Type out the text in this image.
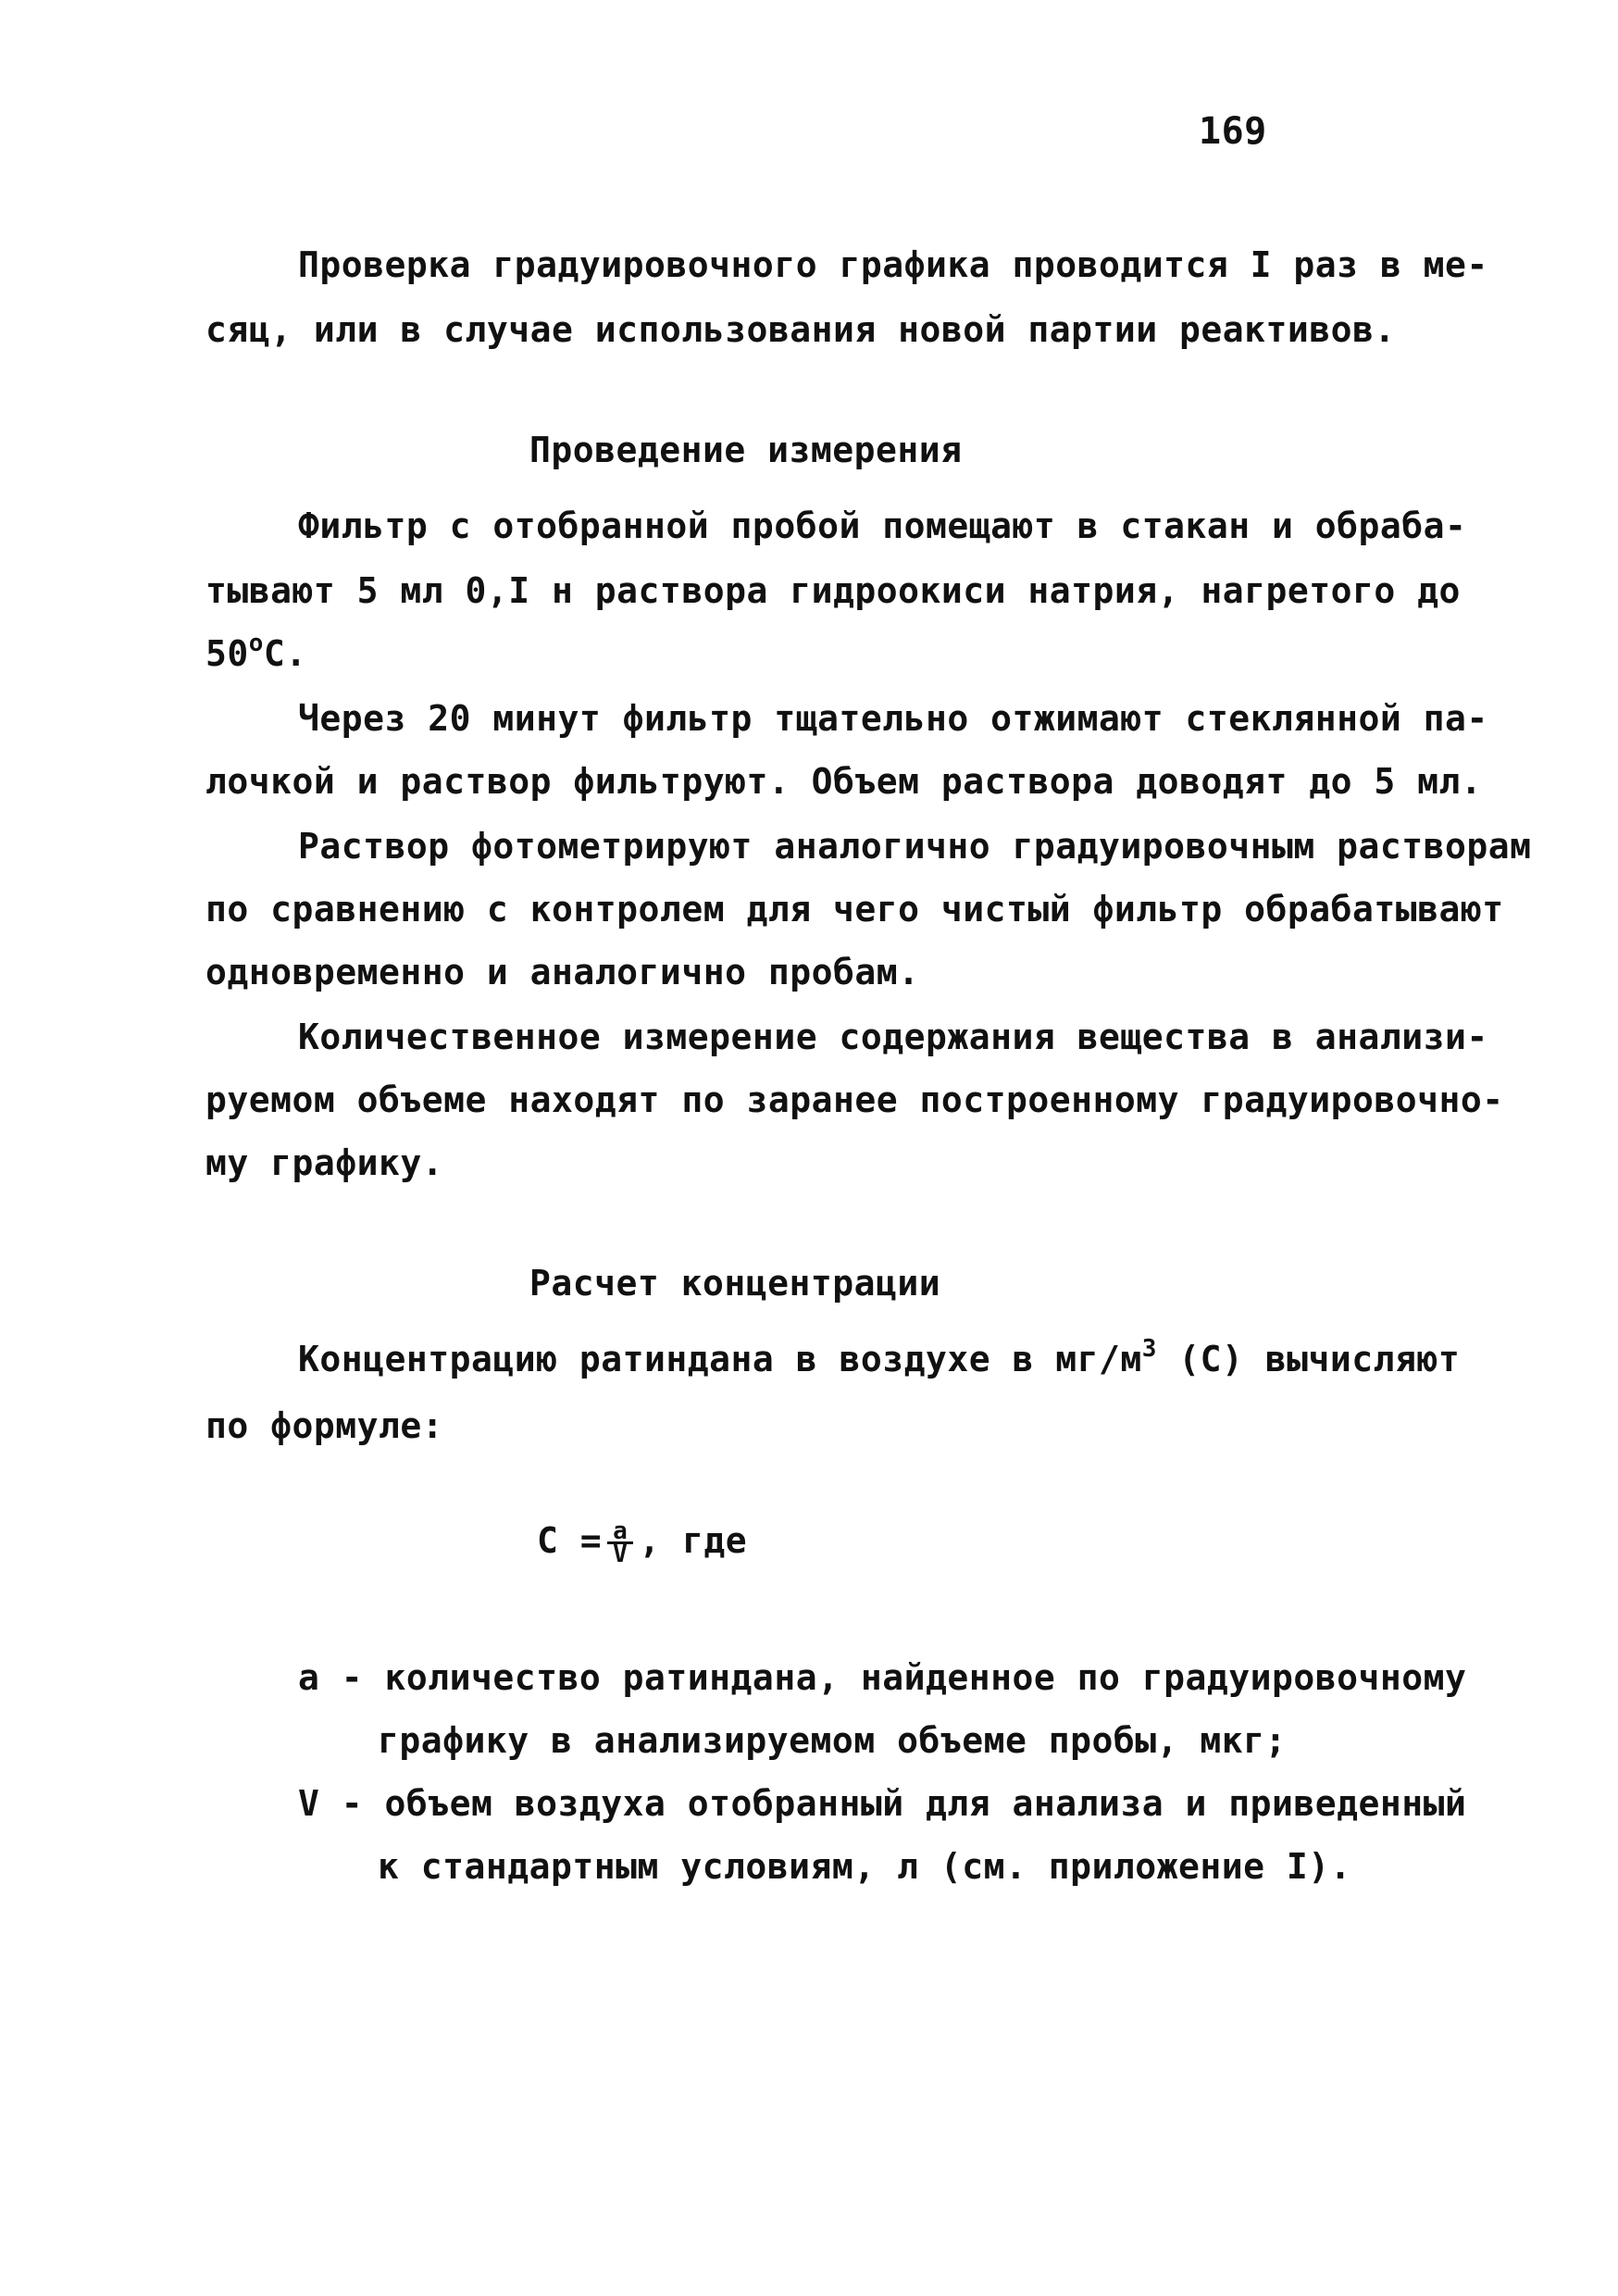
169
Проверка градуировочного графика проводится I раз в ме-
сяц, или в случае использования новой партии реактивов.
Проведение измерения
Фильтр с отобранной пробой помещают в стакан и обраба-
тывают 5 мл 0,I н раствора гидроокиси натрия, нагретого до
$50^оС$.
Через 20 минут фильтр тщательно отжимают стеклянной па-
лочкой и раствор фильтруют. Объем раствора доводят до 5 мл.
Раствор фотометрируют аналогично градуировочным растворам
по сравнению с контролем для чего чистый фильтр обрабатывают
одновременно и аналогично пробам.
Количественное измерение содержания вещества в анализи-
руемом объеме находят по заранее построенному градуировочно-
му графику.
Расчет концентрации
Концентрацию ратиндана в воздухе в $мг/м^3$ (С) вычисляют
по формуле:
$С = \frac{а}{V}$ , где
а - количество ратиндана, найденное по градуировочному
графику в анализируемом объеме пробы, мкг;
V - объем воздуха отобранный для анализа и приведенный
к стандартным условиям, л (см. приложение I).
